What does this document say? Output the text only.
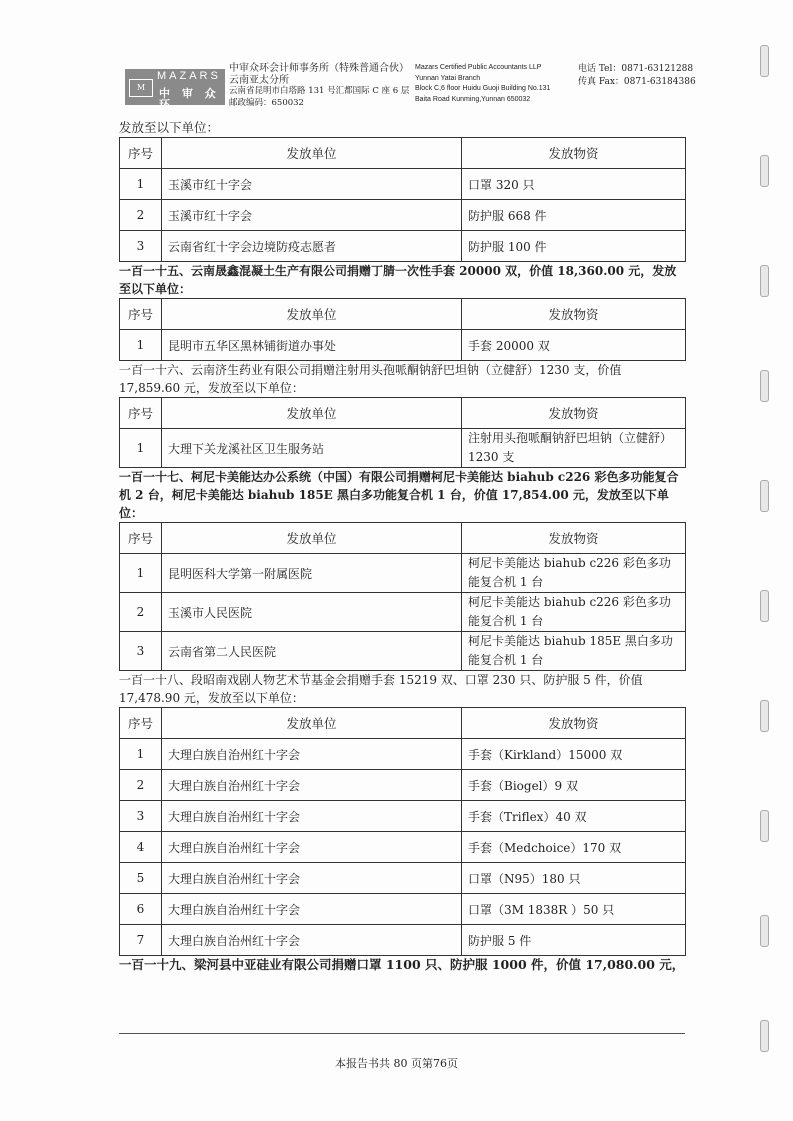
M
MAZARS
中 审 众 环
中审众环会计师事务所（特殊普通合伙）
云南亚太分所
云南省昆明市白塔路 131 号汇都国际 C 座 6 层
邮政编码：650032
Mazars Certified Public Accountants LLP
Yunnan Yatai Branch
Block C,6 floor Huidu Guoji Building No.131
Baita Road Kunming,Yunnan 650032
电话 Tel：0871-63121288
传真 Fax：0871-63184386
发放至以下单位：
序号	发放单位	发放物资
1	玉溪市红十字会	口罩 320 只
2	玉溪市红十字会	防护服 668 件
3	云南省红十字会边境防疫志愿者	防护服 100 件
一百一十五、云南晟鑫混凝土生产有限公司捐赠丁腈一次性手套 20000 双，价值 18,360.00 元，发放至以下单位：
序号	发放单位	发放物资
1	昆明市五华区黑林铺街道办事处	手套 20000 双
一百一十六、云南济生药业有限公司捐赠注射用头孢哌酮钠舒巴坦钠（立健舒）1230 支，价值 17,859.60 元，发放至以下单位：
序号	发放单位	发放物资
1	大理下关龙溪社区卫生服务站	注射用头孢哌酮钠舒巴坦钠（立健舒）1230 支
一百一十七、柯尼卡美能达办公系统（中国）有限公司捐赠柯尼卡美能达 biahub c226 彩色多功能复合机 2 台，柯尼卡美能达 biahub 185E 黑白多功能复合机 1 台，价值 17,854.00 元，发放至以下单位：
序号	发放单位	发放物资
1	昆明医科大学第一附属医院	柯尼卡美能达 biahub c226 彩色多功能复合机 1 台
2	玉溪市人民医院	柯尼卡美能达 biahub c226 彩色多功能复合机 1 台
3	云南省第二人民医院	柯尼卡美能达 biahub 185E 黑白多功能复合机 1 台
一百一十八、段昭南戏剧人物艺术节基金会捐赠手套 15219 双、口罩 230 只、防护服 5 件，价值 17,478.90 元，发放至以下单位：
序号	发放单位	发放物资
1	大理白族自治州红十字会	手套（Kirkland）15000 双
2	大理白族自治州红十字会	手套（Biogel）9 双
3	大理白族自治州红十字会	手套（Triflex）40 双
4	大理白族自治州红十字会	手套（Medchoice）170 双
5	大理白族自治州红十字会	口罩（N95）180 只
6	大理白族自治州红十字会	口罩（3M 1838R ）50 只
7	大理白族自治州红十字会	防护服 5 件
一百一十九、梁河县中亚硅业有限公司捐赠口罩 1100 只、防护服 1000 件，价值 17,080.00 元，
本报告书共 80 页第76页
